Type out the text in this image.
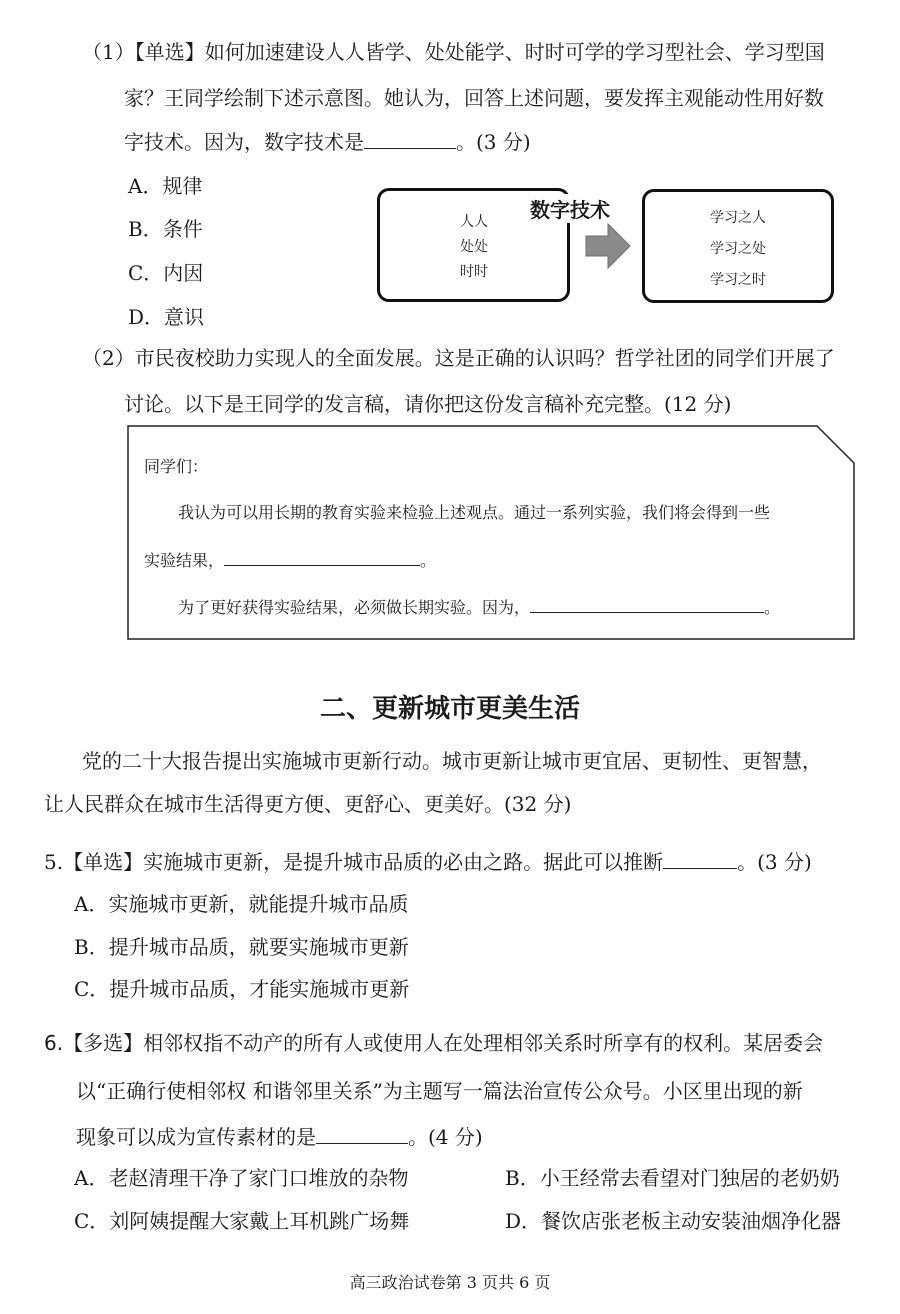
（1）【单选】如何加速建设人人皆学、处处能学、时时可学的学习型社会、学习型国
家？王同学绘制下述示意图。她认为，回答上述问题，要发挥主观能动性用好数
字技术。因为，数字技术是	。(3 分)
A．规律
B．条件
C．内因
D．意识
数字技术
人人
处处
时时
学习之人
学习之处
学习之时
（2）市民夜校助力实现人的全面发展。这是正确的认识吗？哲学社团的同学们开展了
讨论。以下是王同学的发言稿，请你把这份发言稿补充完整。(12 分)
同学们：
我认为可以用长期的教育实验来检验上述观点。通过一系列实验，我们将会得到一些
实验结果，	。
为了更好获得实验结果，必须做长期实验。因为，	。
二、更新城市更美生活
党的二十大报告提出实施城市更新行动。城市更新让城市更宜居、更韧性、更智慧，
让人民群众在城市生活得更方便、更舒心、更美好。(32 分)
5.【单选】实施城市更新，是提升城市品质的必由之路。据此可以推断	。(3 分)
A．实施城市更新，就能提升城市品质
B．提升城市品质，就要实施城市更新
C．提升城市品质，才能实施城市更新
6.【多选】相邻权指不动产的所有人或使用人在处理相邻关系时所享有的权利。某居委会
以“正确行使相邻权 和谐邻里关系”为主题写一篇法治宣传公众号。小区里出现的新
现象可以成为宣传素材的是	。(4 分)
A．老赵清理干净了家门口堆放的杂物	B．小王经常去看望对门独居的老奶奶
C．刘阿姨提醒大家戴上耳机跳广场舞	D．餐饮店张老板主动安装油烟净化器
高三政治试卷第 3 页共 6 页
